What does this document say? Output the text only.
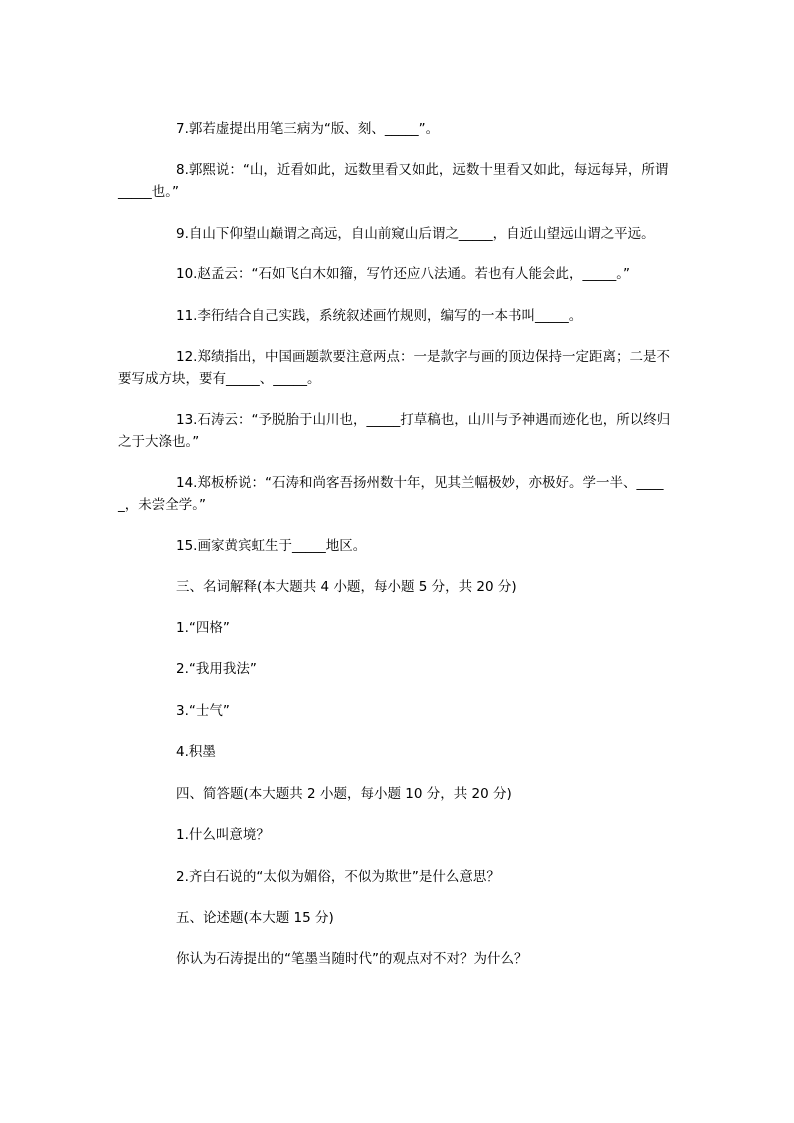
7.郭若虚提出用笔三病为“版、刻、_____”。
8.郭熙说：“山，近看如此，远数里看又如此，远数十里看又如此，每远每异，所谓_____也。”
9.自山下仰望山巅谓之高远，自山前窥山后谓之_____，自近山望远山谓之平远。
10.赵孟云：“石如飞白木如籀，写竹还应八法通。若也有人能会此，_____。”
11.李衎结合自己实践，系统叙述画竹规则，编写的一本书叫_____。
12.郑绩指出，中国画题款要注意两点：一是款字与画的顶边保持一定距离；二是不要写成方块，要有_____、_____。
13.石涛云：“予脱胎于山川也，_____打草稿也，山川与予神遇而迹化也，所以终归之于大涤也。”
14.郑板桥说：“石涛和尚客吾扬州数十年，见其兰幅极妙，亦极好。学一半、_____，未尝全学。”
15.画家黄宾虹生于_____地区。
三、名词解释(本大题共 4 小题，每小题 5 分，共 20 分)
1.“四格”
2.“我用我法”
3.“士气”
4.积墨
四、简答题(本大题共 2 小题，每小题 10 分，共 20 分)
1.什么叫意境？
2.齐白石说的“太似为媚俗，不似为欺世”是什么意思？
五、论述题(本大题 15 分)
你认为石涛提出的“笔墨当随时代”的观点对不对？为什么？
